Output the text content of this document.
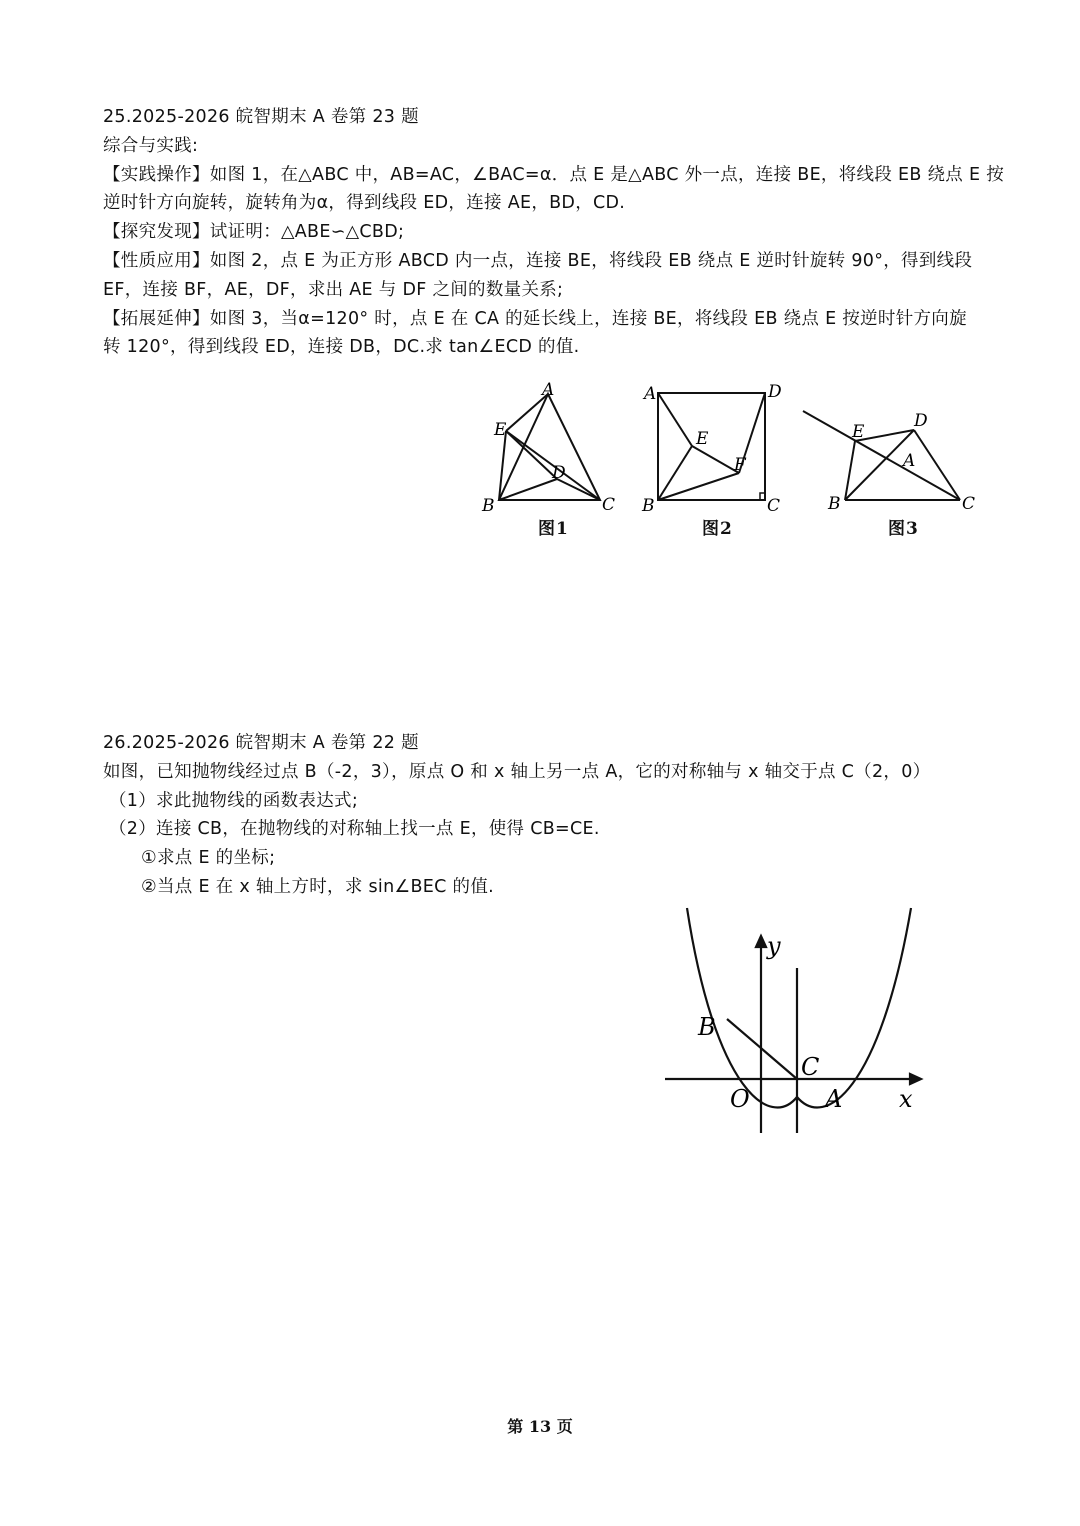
25.2025-2026 皖智期末 A 卷第 23 题
综合与实践:
【实践操作】如图 1，在△ABC 中，AB=AC，∠BAC=α．点 E 是△ABC 外一点，连接 BE，将线段 EB 绕点 E 按
逆时针方向旋转，旋转角为α，得到线段 ED，连接 AE，BD，CD.
【探究发现】试证明：△ABE∽△CBD;
【性质应用】如图 2，点 E 为正方形 ABCD 内一点，连接 BE，将线段 EB 绕点 E 逆时针旋转 90°，得到线段
EF，连接 BF，AE，DF，求出 AE 与 DF 之间的数量关系;
【拓展延伸】如图 3，当α=120° 时，点 E 在 CA 的延长线上，连接 BE，将线段 EB 绕点 E 按逆时针方向旋
转 120°，得到线段 ED，连接 DB，DC.求 tan∠ECD 的值.
A
E
D
B	C
图1
A	D
E
F
B	C
图2
E
D
A
B	C
图3
26.2025-2026 皖智期末 A 卷第 22 题
如图，已知抛物线经过点 B（-2，3），原点 O 和 x 轴上另一点 A，它的对称轴与 x 轴交于点 C（2，0）
（1）求此抛物线的函数表达式;
（2）连接 CB，在抛物线的对称轴上找一点 E，使得 CB=CE.
①求点 E 的坐标;
②当点 E 在 x 轴上方时，求 sin∠BEC 的值.
y
B
C
O	A x
第 13 页
